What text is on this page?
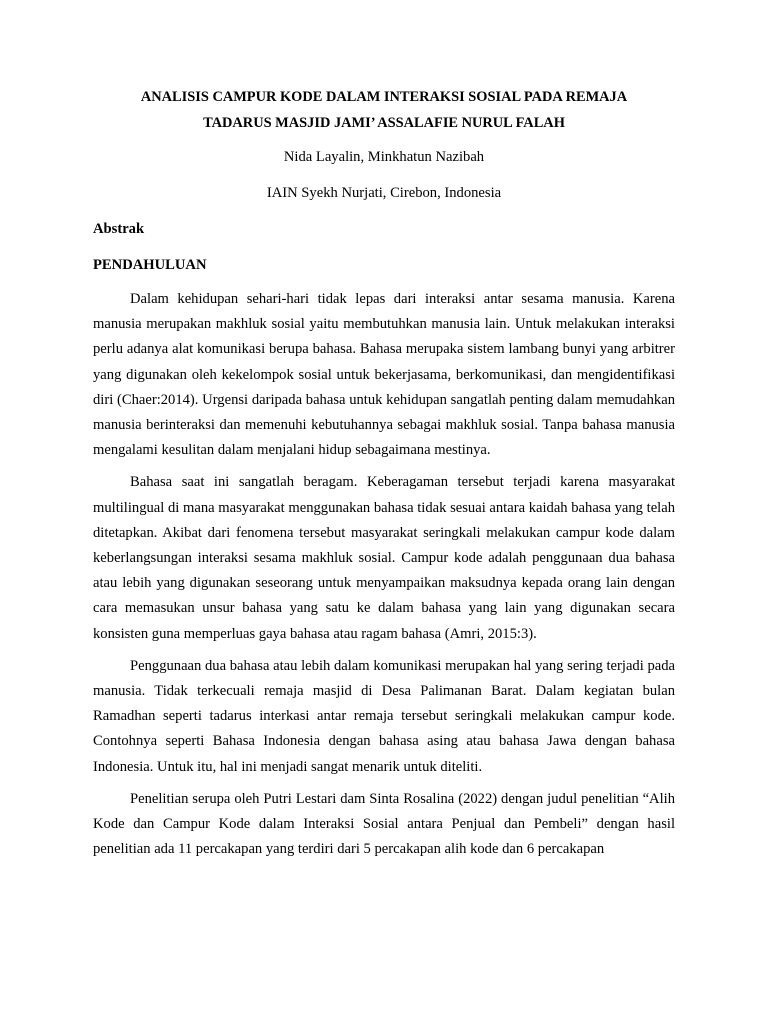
ANALISIS CAMPUR KODE DALAM INTERAKSI SOSIAL PADA REMAJA

TADARUS MASJID JAMI’ ASSALAFIE NURUL FALAH

Nida Layalin, Minkhatun Nazibah

IAIN Syekh Nurjati, Cirebon, Indonesia

Abstrak

PENDAHULUAN

Dalam kehidupan sehari-hari tidak lepas dari interaksi antar sesama manusia. Karena manusia merupakan makhluk sosial yaitu membutuhkan manusia lain. Untuk melakukan interaksi perlu adanya alat komunikasi berupa bahasa. Bahasa merupaka sistem lambang bunyi yang arbitrer yang digunakan oleh kekelompok sosial untuk bekerjasama, berkomunikasi, dan mengidentifikasi diri (Chaer:2014). Urgensi daripada bahasa untuk kehidupan sangatlah penting dalam memudahkan manusia berinteraksi dan memenuhi kebutuhannya sebagai makhluk sosial. Tanpa bahasa manusia mengalami kesulitan dalam menjalani hidup sebagaimana mestinya.

Bahasa saat ini sangatlah beragam. Keberagaman tersebut terjadi karena masyarakat multilingual di mana masyarakat menggunakan bahasa tidak sesuai antara kaidah bahasa yang telah ditetapkan. Akibat dari fenomena tersebut masyarakat seringkali melakukan campur kode dalam keberlangsungan interaksi sesama makhluk sosial. Campur kode adalah penggunaan dua bahasa atau lebih yang digunakan seseorang untuk menyampaikan maksudnya kepada orang lain dengan cara memasukan unsur bahasa yang satu ke dalam bahasa yang lain yang digunakan secara konsisten guna memperluas gaya bahasa atau ragam bahasa (Amri, 2015:3).

Penggunaan dua bahasa atau lebih dalam komunikasi merupakan hal yang sering terjadi pada manusia. Tidak terkecuali remaja masjid di Desa Palimanan Barat. Dalam kegiatan bulan Ramadhan seperti tadarus interkasi antar remaja tersebut seringkali melakukan campur kode. Contohnya seperti Bahasa Indonesia dengan bahasa asing atau bahasa Jawa dengan bahasa Indonesia. Untuk itu, hal ini menjadi sangat menarik untuk diteliti.

Penelitian serupa oleh Putri Lestari dam Sinta Rosalina (2022) dengan judul penelitian “Alih Kode dan Campur Kode dalam Interaksi Sosial antara Penjual dan Pembeli” dengan hasil penelitian ada 11 percakapan yang terdiri dari 5 percakapan alih kode dan 6 percakapan
